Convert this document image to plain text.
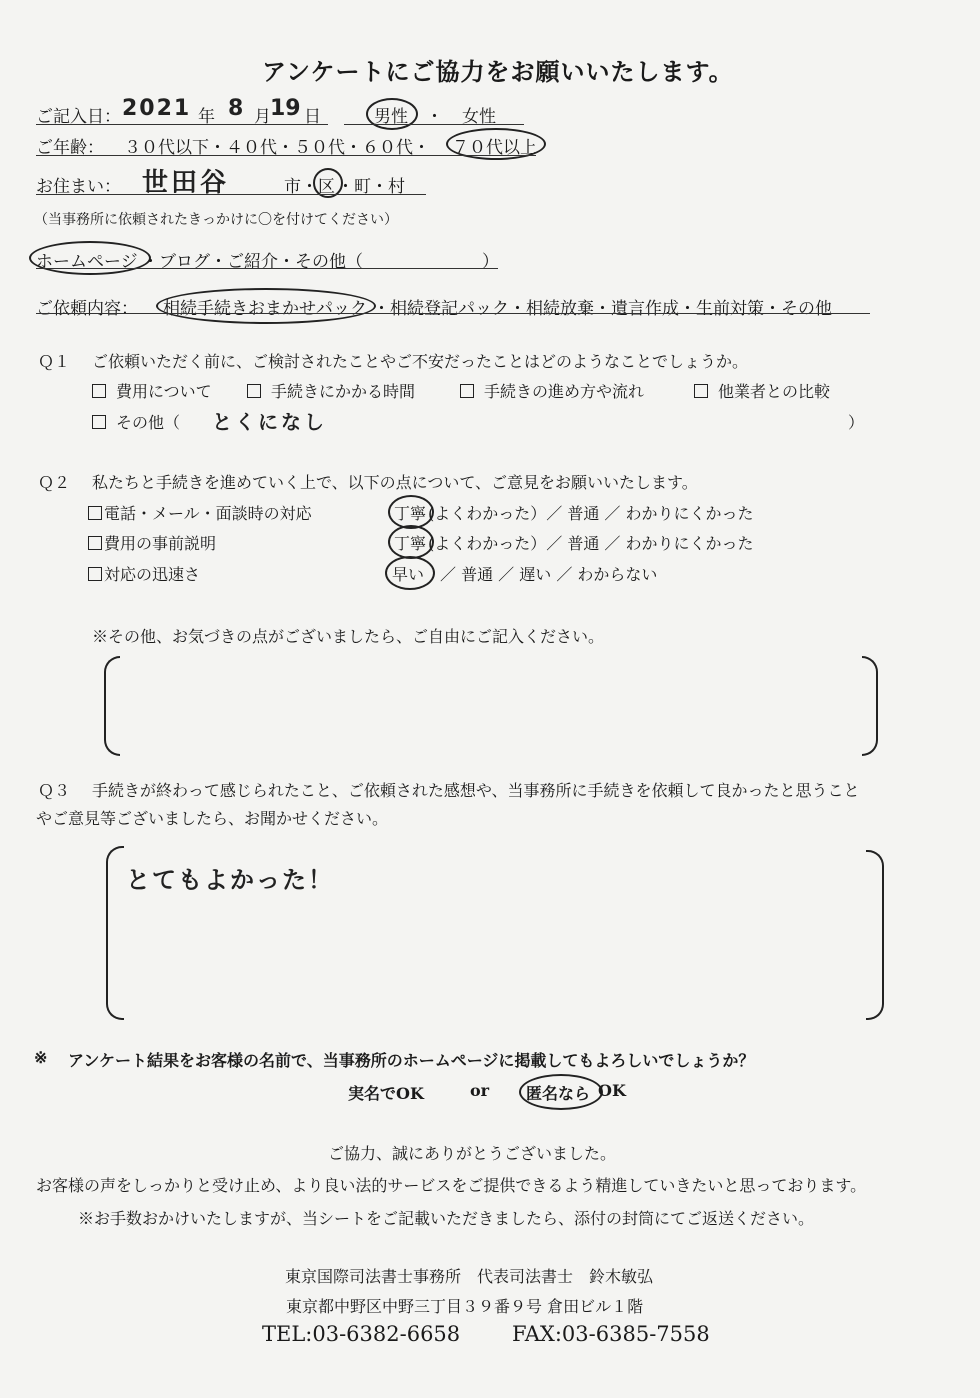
アンケートにご協力をお願いいたします。
ご記入日： 2021 年 8 月 19 日	男性 ・ 女性
ご年齢： ３０代以下・４０代・５０代・６０代・ ７０代以上
お住まい： 世田谷	市・ 区 ・町・村
（当事務所に依頼されたきっかけに〇を付けてください）
ホームページ ・ブログ・ご紹介・その他（　　　　　　　）
ご依頼内容： 相続手続きおまかせパック ・相続登記パック・相続放棄・遺言作成・生前対策・その他
Ｑ１ ご依頼いただく前に、ご検討されたことやご不安だったことはどのようなことでしょうか。
費用について	手続きにかかる時間	手続きの進め方や流れ	他業者との比較
その他（ とくになし	）
Ｑ２ 私たちと手続きを進めていく上で、以下の点について、ご意見をお願いいたします。
電話・メール・面談時の対応	丁寧 (よくわかった）／ 普通 ／ わかりにくかった
費用の事前説明	丁寧 (よくわかった）／ 普通 ／ わかりにくかった
対応の迅速さ	早い ／ 普通 ／ 遅い ／ わからない
※その他、お気づきの点がございましたら、ご自由にご記入ください。
Ｑ３ 手続きが終わって感じられたこと、ご依頼された感想や、当事務所に手続きを依頼して良かったと思うこと
やご意見等ございましたら、お聞かせください。
とてもよかった！
※ アンケート結果をお客様の名前で、当事務所のホームページに掲載してもよろしいでしょうか？
実名でOK	or 匿名なら OK
ご協力、誠にありがとうございました。
お客様の声をしっかりと受け止め、より良い法的サービスをご提供できるよう精進していきたいと思っております。
※お手数おかけいたしますが、当シートをご記載いただきましたら、添付の封筒にてご返送ください。
東京国際司法書士事務所　代表司法書士　鈴木敏弘
東京都中野区中野三丁目３９番９号 倉田ビル１階
TEL:03-6382-6658 FAX:03-6385-7558
